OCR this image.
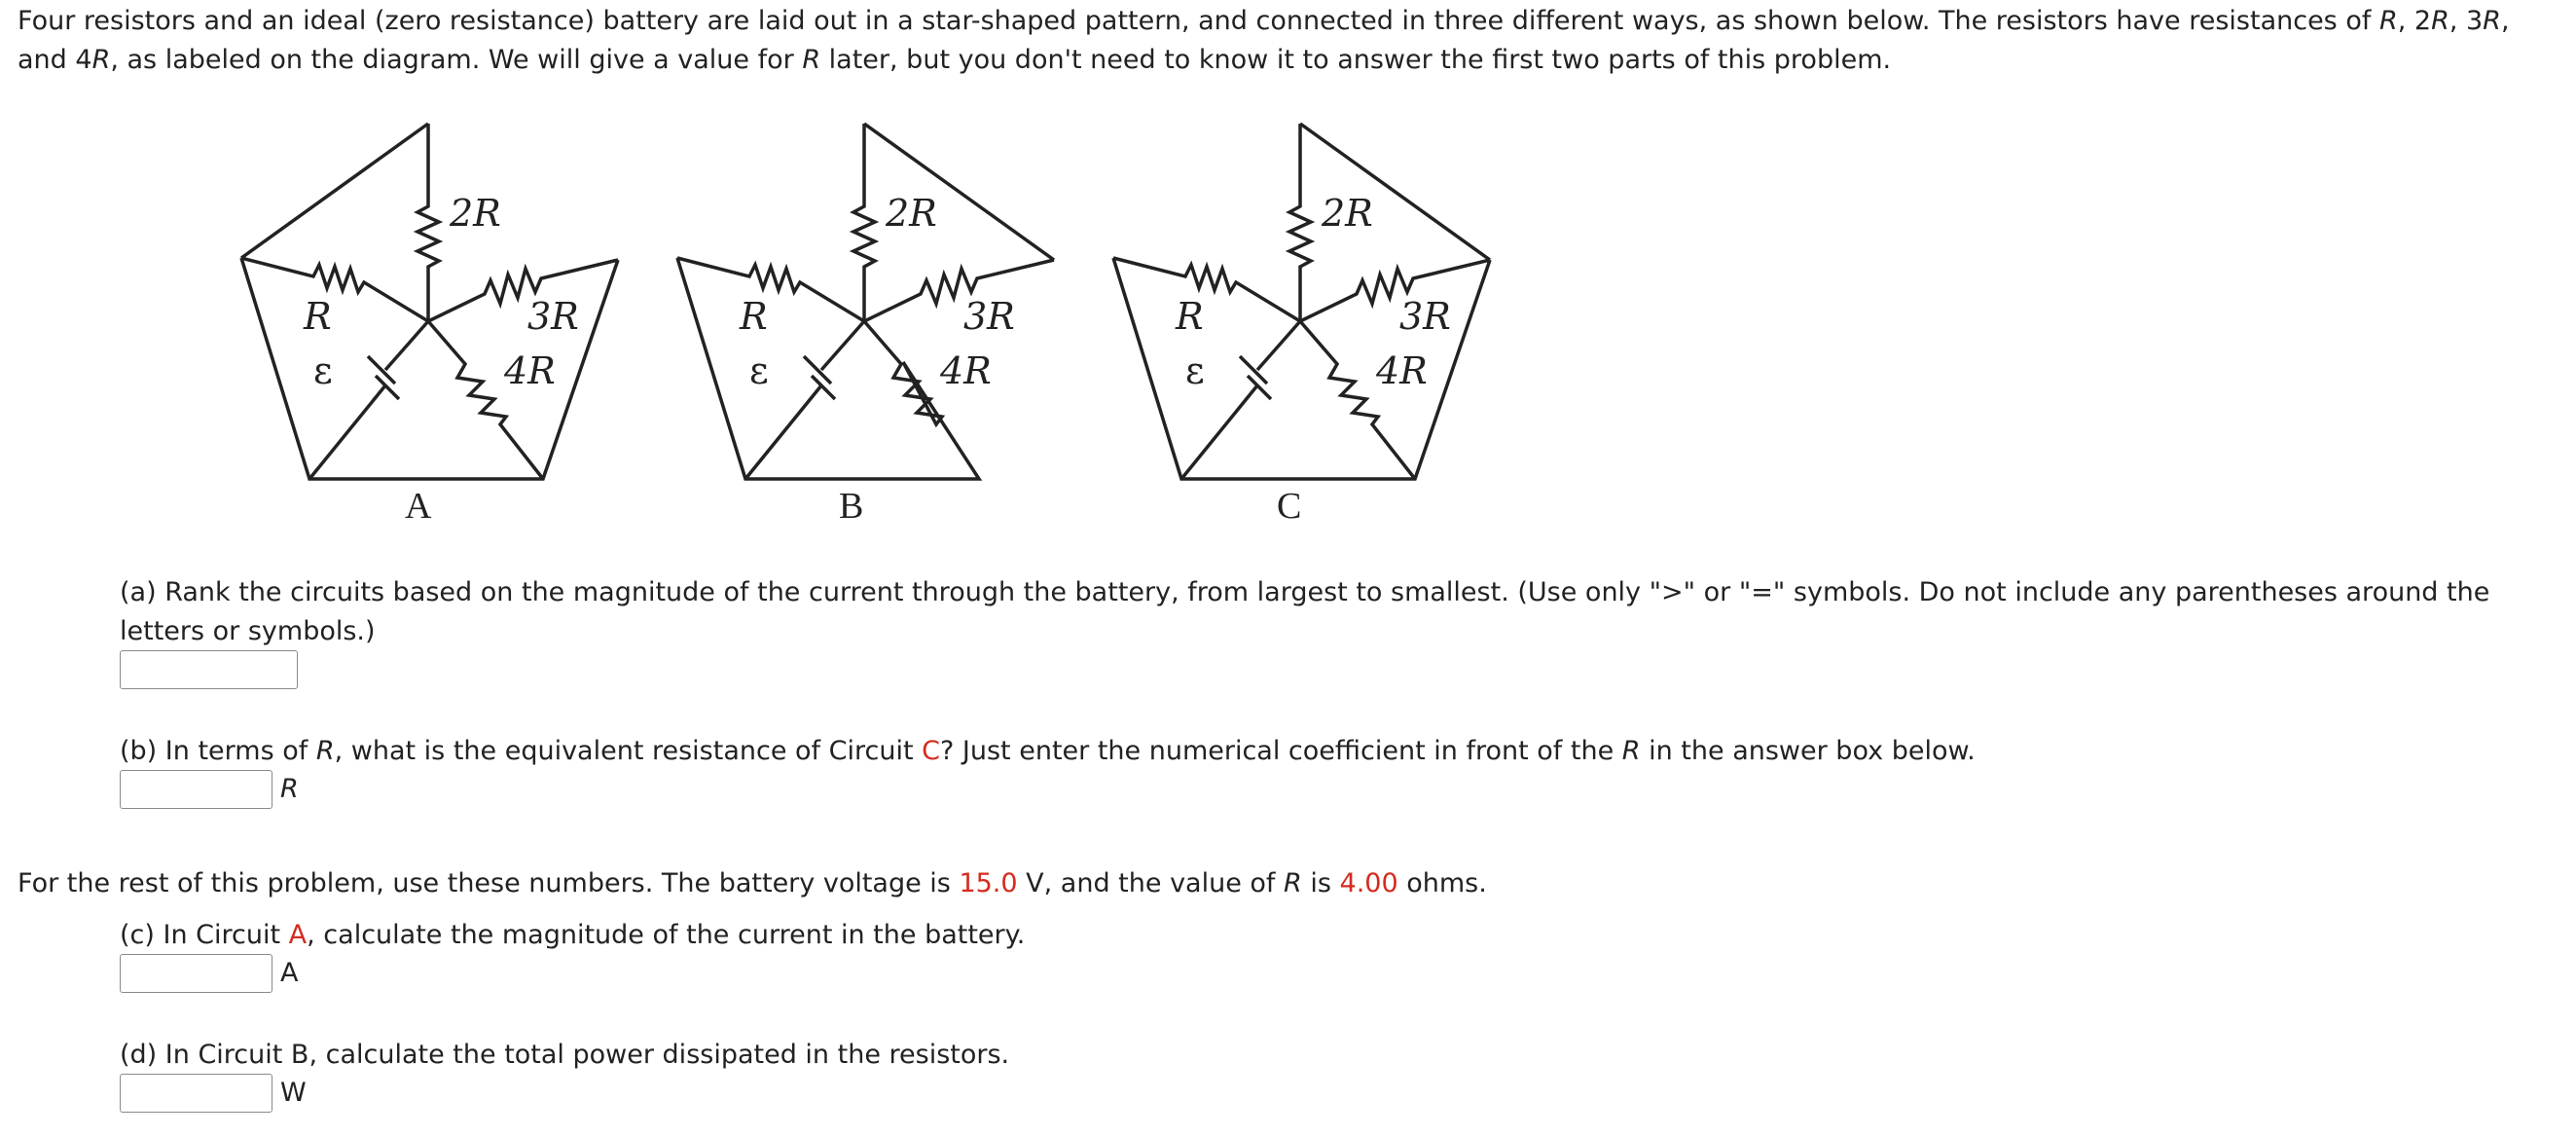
Four resistors and an ideal (zero resistance) battery are laid out in a star-shaped pattern, and connected in three different ways, as shown below. The resistors have resistances of R, 2R, 3R, and 4R, as labeled on the diagram. We will give a value for R later, but you don't need to know it to answer the first two parts of this problem.

2R
R	3R
4R
ε
A
2R
R	3R
4R
ε
B
2R
R	3R
4R
ε
C

(a) Rank the circuits based on the magnitude of the current through the battery, from largest to smallest. (Use only ">" or "=" symbols. Do not include any parentheses around the letters or symbols.)

(b) In terms of R, what is the equivalent resistance of Circuit C? Just enter the numerical coefficient in front of the R in the answer box below.
R
For the rest of this problem, use these numbers. The battery voltage is 15.0 V, and the value of R is 4.00 ohms.
(c) In Circuit A, calculate the magnitude of the current in the battery.
A
(d) In Circuit B, calculate the total power dissipated in the resistors.
W
